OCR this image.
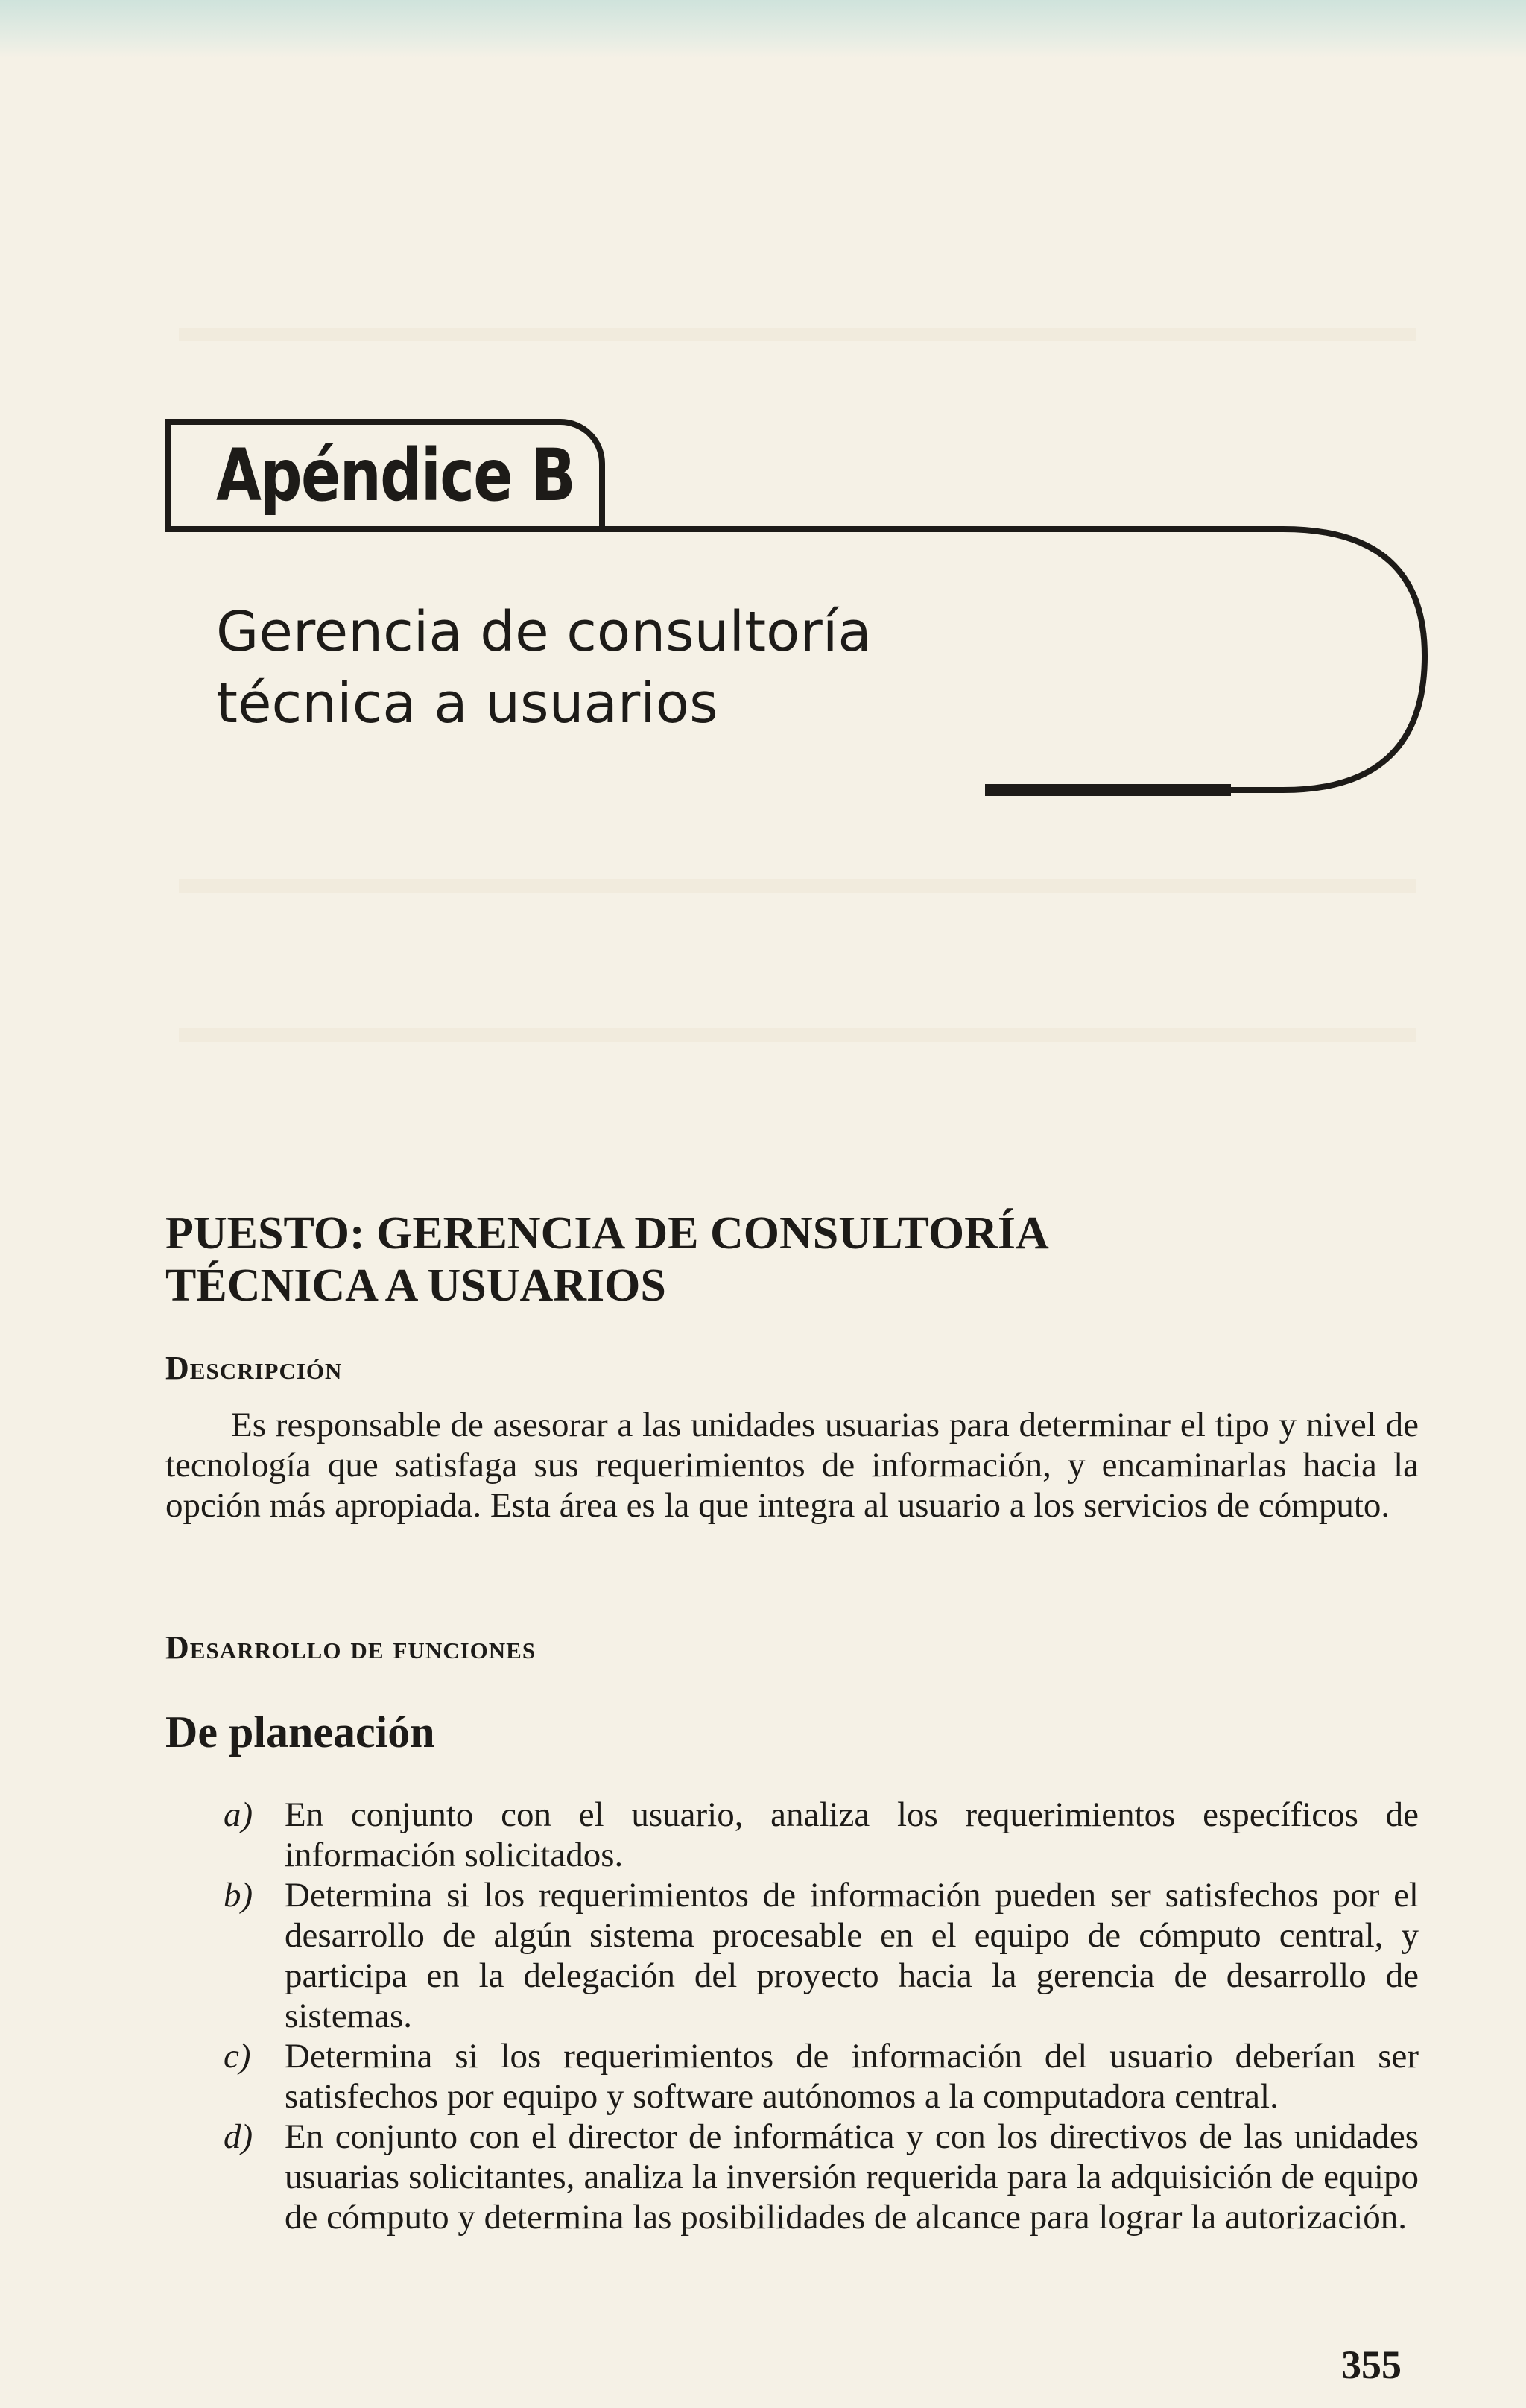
Apéndice B
Gerencia de consultoría
técnica a usuarios
PUESTO: GERENCIA DE CONSULTORÍA
TÉCNICA A USUARIOS
Descripción

Es responsable de asesorar a las unidades usuarias para determinar el tipo y nivel de tecnología que satisfaga sus requerimientos de información, y encaminarlas hacia la opción más apropiada. Esta área es la que integra al usuario a los servicios de cómputo.

Desarrollo de funciones
De planeación
a) En conjunto con el usuario, analiza los requerimientos específicos de información solicitados.
b) Determina si los requerimientos de información pueden ser satisfechos por el desarrollo de algún sistema procesable en el equipo de cómputo central, y participa en la delegación del proyecto hacia la gerencia de desarrollo de sistemas.
c) Determina si los requerimientos de información del usuario deberían ser satisfechos por equipo y software autónomos a la computadora central.
d) En conjunto con el director de informática y con los directivos de las unidades usuarias solicitantes, analiza la inversión requerida para la adquisición de equipo de cómputo y determina las posibilidades de alcance para lograr la autorización.
355
